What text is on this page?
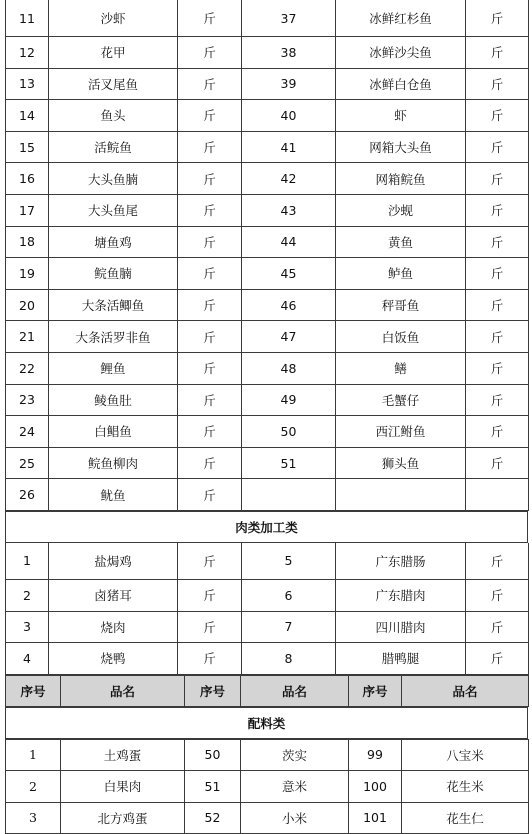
11	沙虾	斤	37	冰鲜红杉鱼	斤
12	花甲	斤	38	冰鲜沙尖鱼	斤
13	活叉尾鱼	斤	39	冰鲜白仓鱼	斤
14	鱼头	斤	40	虾	斤
15	活鲩鱼	斤	41	网箱大头鱼	斤
16	大头鱼腩	斤	42	网箱鲩鱼	斤
17	大头鱼尾	斤	43	沙蚬	斤
18	塘鱼鸡	斤	44	黄鱼	斤
19	鲩鱼腩	斤	45	鲈鱼	斤
20	大条活鲫鱼	斤	46	秤哥鱼	斤
21	大条活罗非鱼	斤	47	白饭鱼	斤
22	鲤鱼	斤	48	鳝	斤
23	鲮鱼肚	斤	49	毛蟹仔	斤
24	白鲳鱼	斤	50	西江鲋鱼	斤
25	鲩鱼柳肉	斤	51	狮头鱼	斤
26	鱿鱼	斤			
肉类加工类
1	盐焗鸡	斤	5	广东腊肠	斤
2	卤猪耳	斤	6	广东腊肉	斤
3	烧肉	斤	7	四川腊肉	斤
4	烧鸭	斤	8	腊鸭腿	斤
序号	品名	序号	品名	序号	品名
配料类
1	土鸡蛋	50	茨实	99	八宝米
2	白果肉	51	意米	100	花生米
3	北方鸡蛋	52	小米	101	花生仁
